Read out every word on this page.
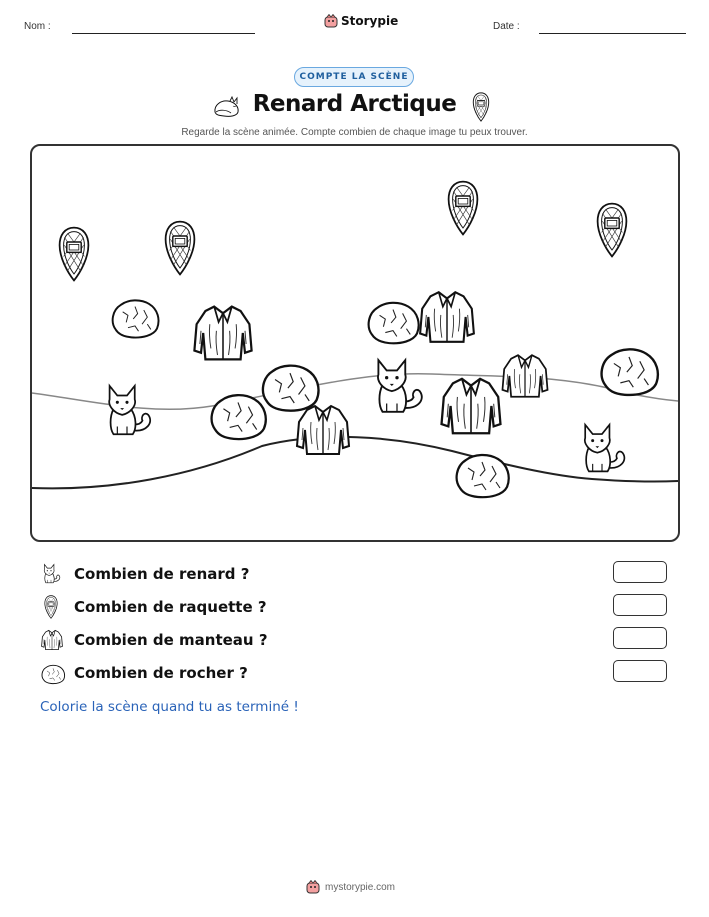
Nom :	Storypie	Date :
COMPTE LA SCÈNE
Renard Arctique
Regarde la scène animée. Compte combien de chaque image tu peux trouver.
Combien de renard ?
Combien de raquette ?
Combien de manteau ?
Combien de rocher ?
Colorie la scène quand tu as terminé !
mystorypie.com
